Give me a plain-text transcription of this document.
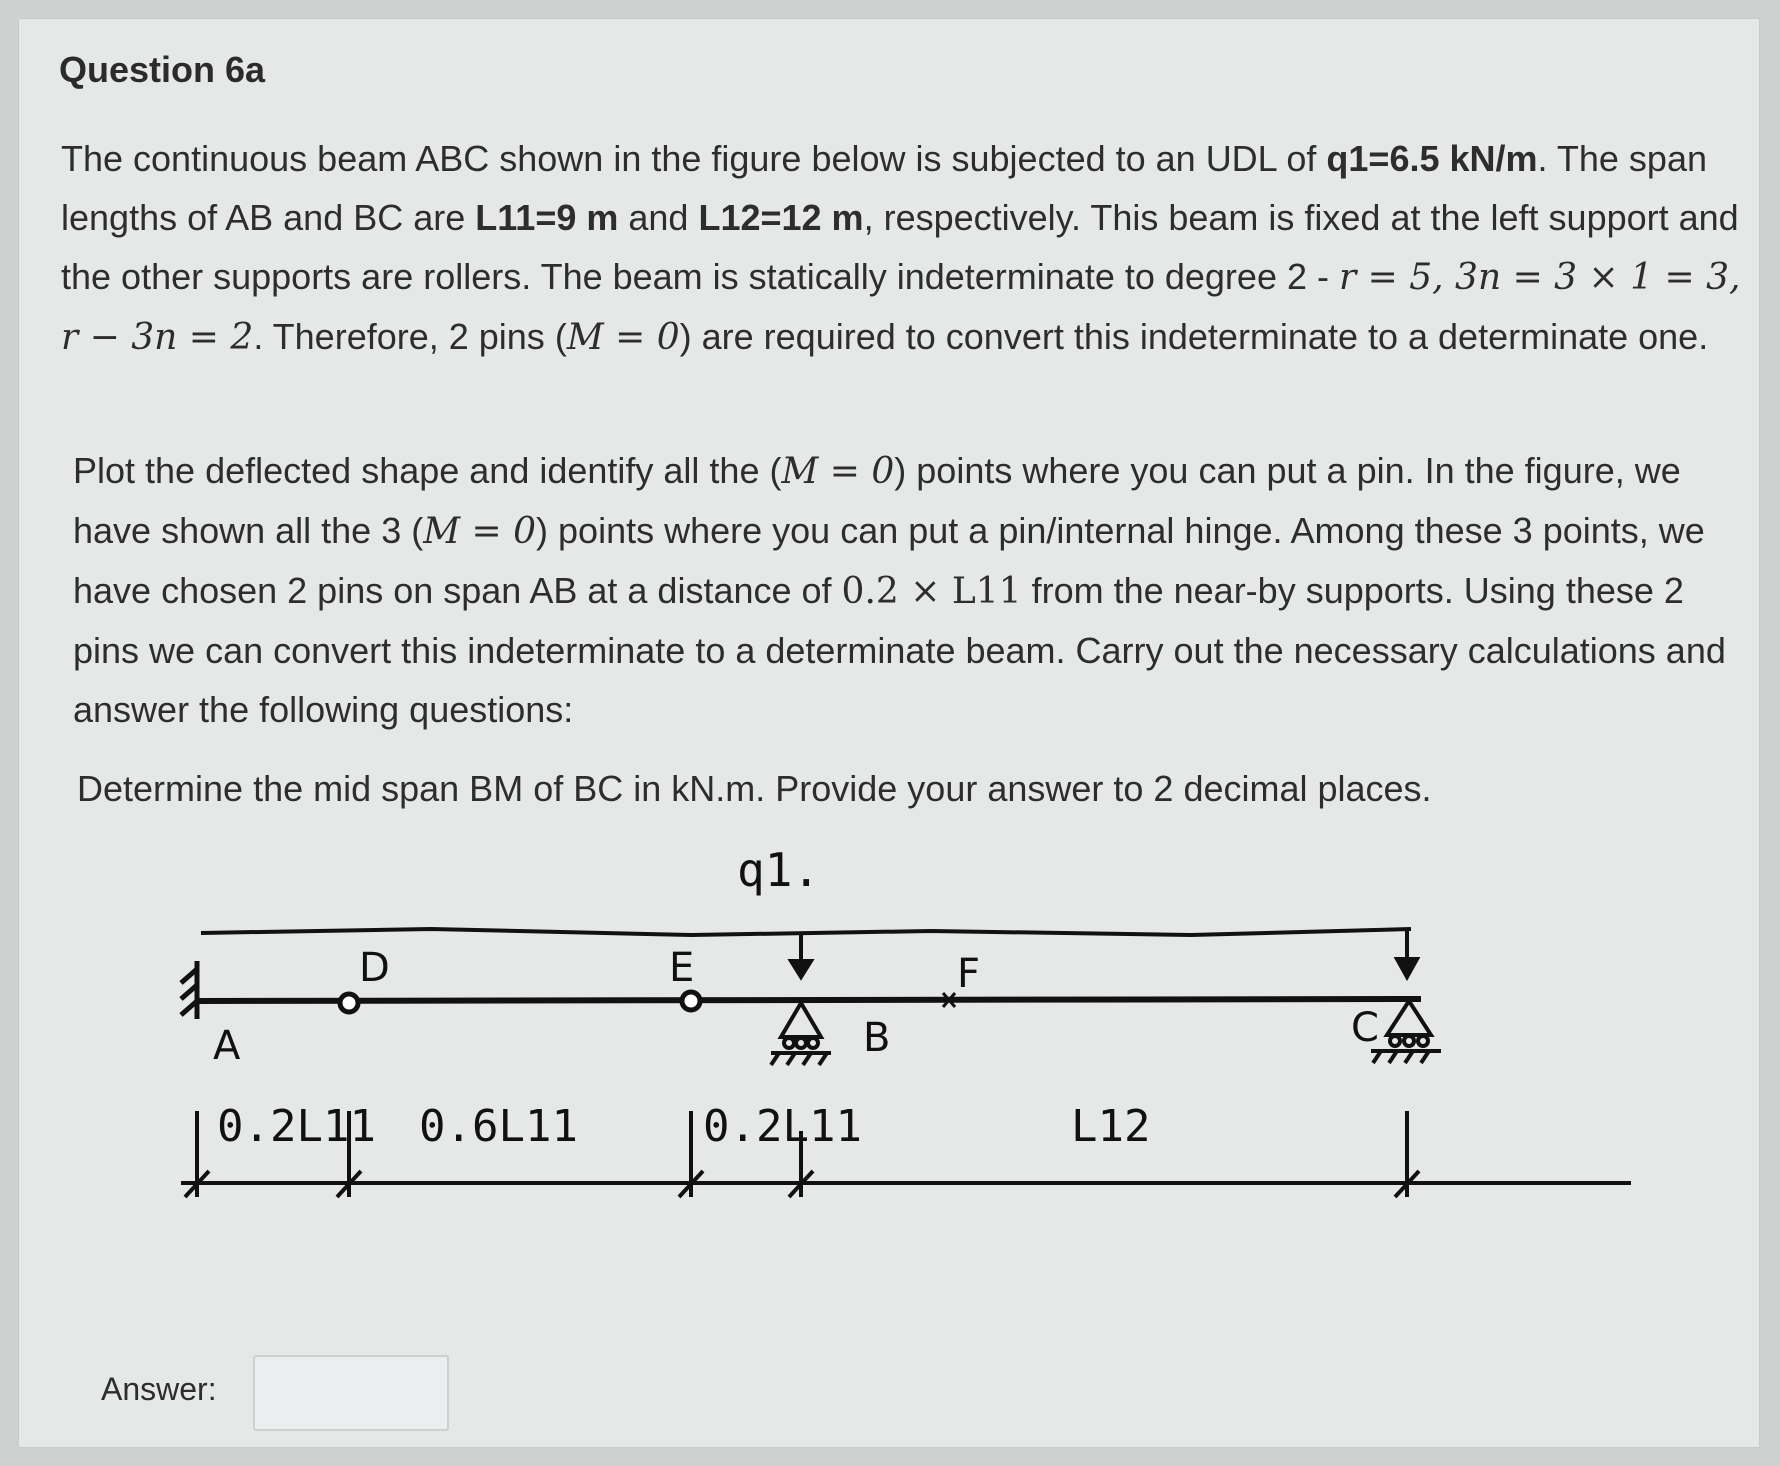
Question 6a
The continuous beam ABC shown in the figure below is subjected to an UDL of q1=6.5 kN/m. The span lengths of AB and BC are L11=9 m and L12=12 m, respectively. This beam is fixed at the left support and the other supports are rollers. The beam is statically indeterminate to degree 2 - r = 5, 3n = 3 × 1 = 3, r − 3n = 2. Therefore, 2 pins (M = 0) are required to convert this indeterminate to a determinate one.
Plot the deflected shape and identify all the (M = 0) points where you can put a pin. In the figure, we have shown all the 3 (M = 0) points where you can put a pin/internal hinge. Among these 3 points, we have chosen 2 pins on span AB at a distance of 0.2 × L11 from the near-by supports. Using these 2 pins we can convert this indeterminate to a determinate beam. Carry out the necessary calculations and answer the following questions:
Determine the mid span BM of BC in kN.m. Provide your answer to 2 decimal places.
q1.
A
D	E	F
B	C
0.2L11 0.6L11	0.2L11	L12
Answer:
